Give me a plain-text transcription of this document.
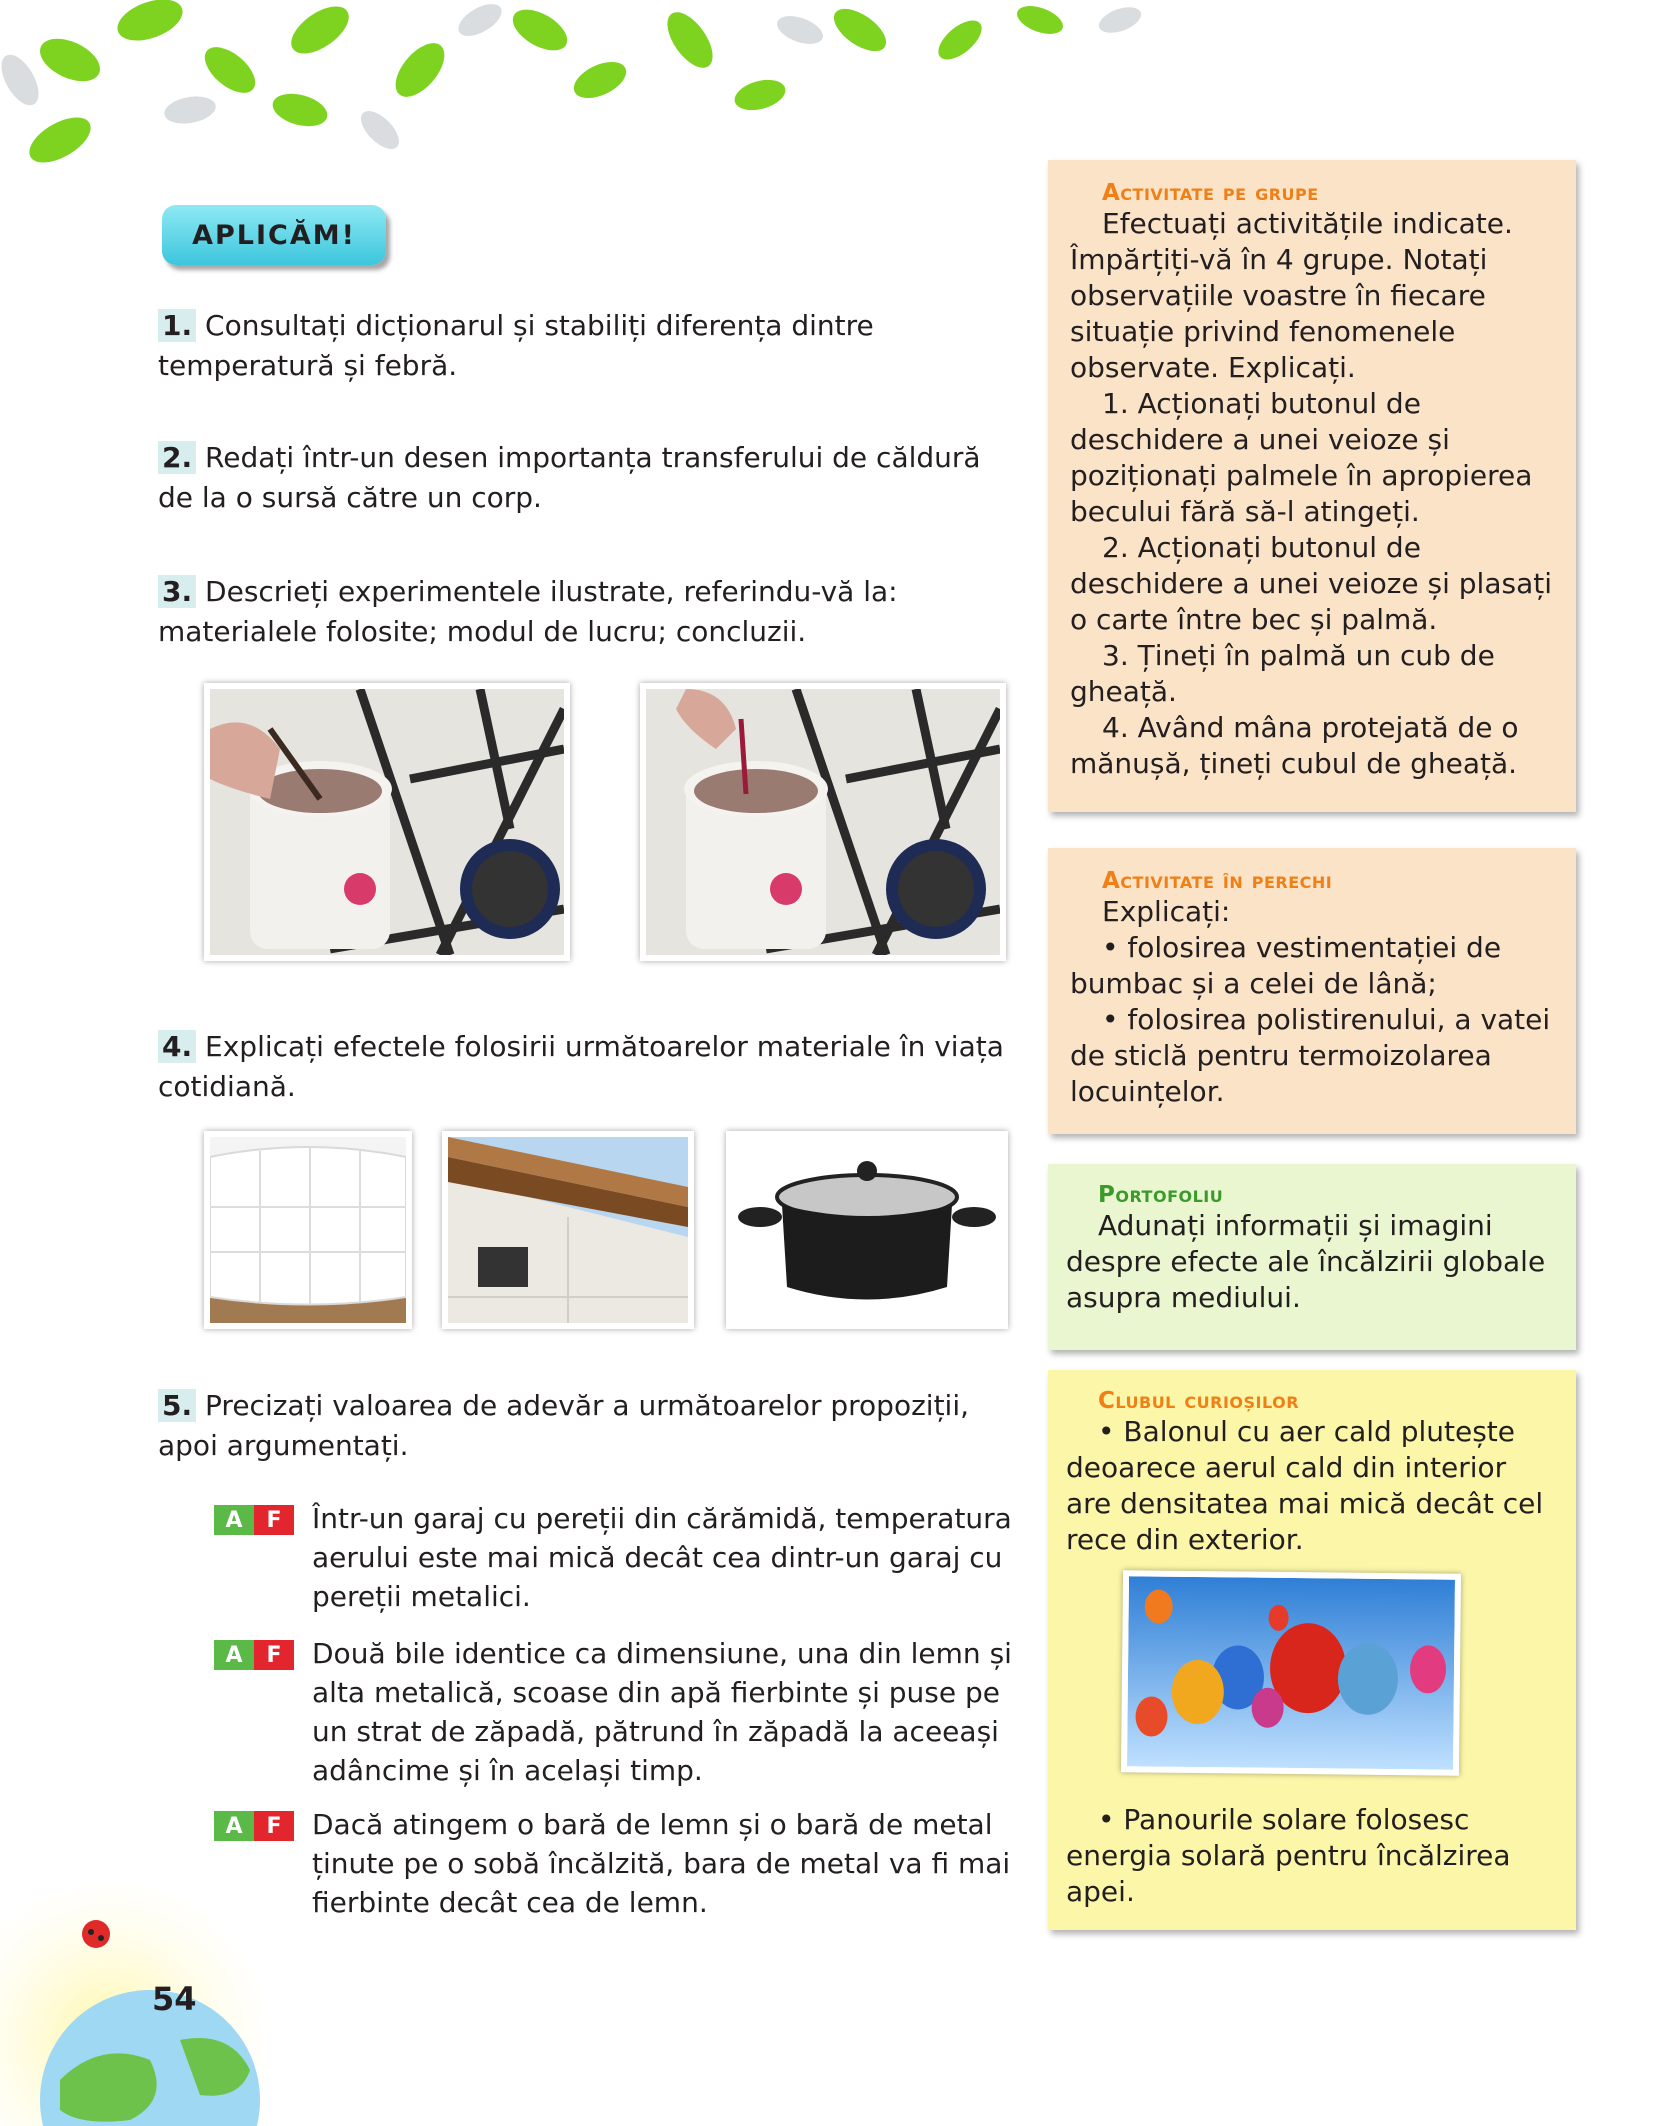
APLICĂM!
1. Consultați dicționarul și stabiliți diferența dintre temperatură și febră.
2. Redați într-un desen importanța transferului de căldură de la o sursă către un corp.
3. Descrieți experimentele ilustrate, referindu-vă la: materialele folosite; modul de lucru; concluzii.
4. Explicați efectele folosirii următoarelor materiale în viața cotidiană.
5. Precizați valoarea de adevăr a următoarelor propoziții, apoi argumentați.
A	F	Într-un garaj cu pereții din cărămidă, temperatura aerului este mai mică decât cea dintr-un garaj cu pereții metalici.
A	F	Două bile identice ca dimensiune, una din lemn și alta metalică, scoase din apă fierbinte și puse pe un strat de zăpadă, pătrund în zăpadă la aceeași adâncime și în același timp.
A	F	Dacă atingem o bară de lemn și o bară de metal ținute pe o sobă încălzită, bara de metal va fi mai fierbinte decât cea de lemn.
Activitate pe grupe
Efectuați activitățile indicate. Împărțiți-vă în 4 grupe. Notați observațiile voastre în fiecare situație privind fenomenele observate. Explicați.
1. Acționați butonul de deschidere a unei veioze și poziționați palmele în apropierea becului fără să-l atingeți.
2. Acționați butonul de deschidere a unei veioze și plasați o carte între bec și palmă.
3. Țineți în palmă un cub de gheață.
4. Având mâna protejată de o mănușă, țineți cubul de gheață.
Activitate în perechi
Explicați:
• folosirea vestimentației de bumbac și a celei de lână;
• folosirea polistirenului, a vatei de sticlă pentru termoizolarea locuințelor.
Portofoliu
Adunați informații și imagini despre efecte ale încălzirii globale asupra mediului.
Clubul curioșilor
• Balonul cu aer cald plutește deoarece aerul cald din interior are densitatea mai mică decât cel rece din exterior.
• Panourile solare folosesc energia solară pentru încălzirea apei.
54
